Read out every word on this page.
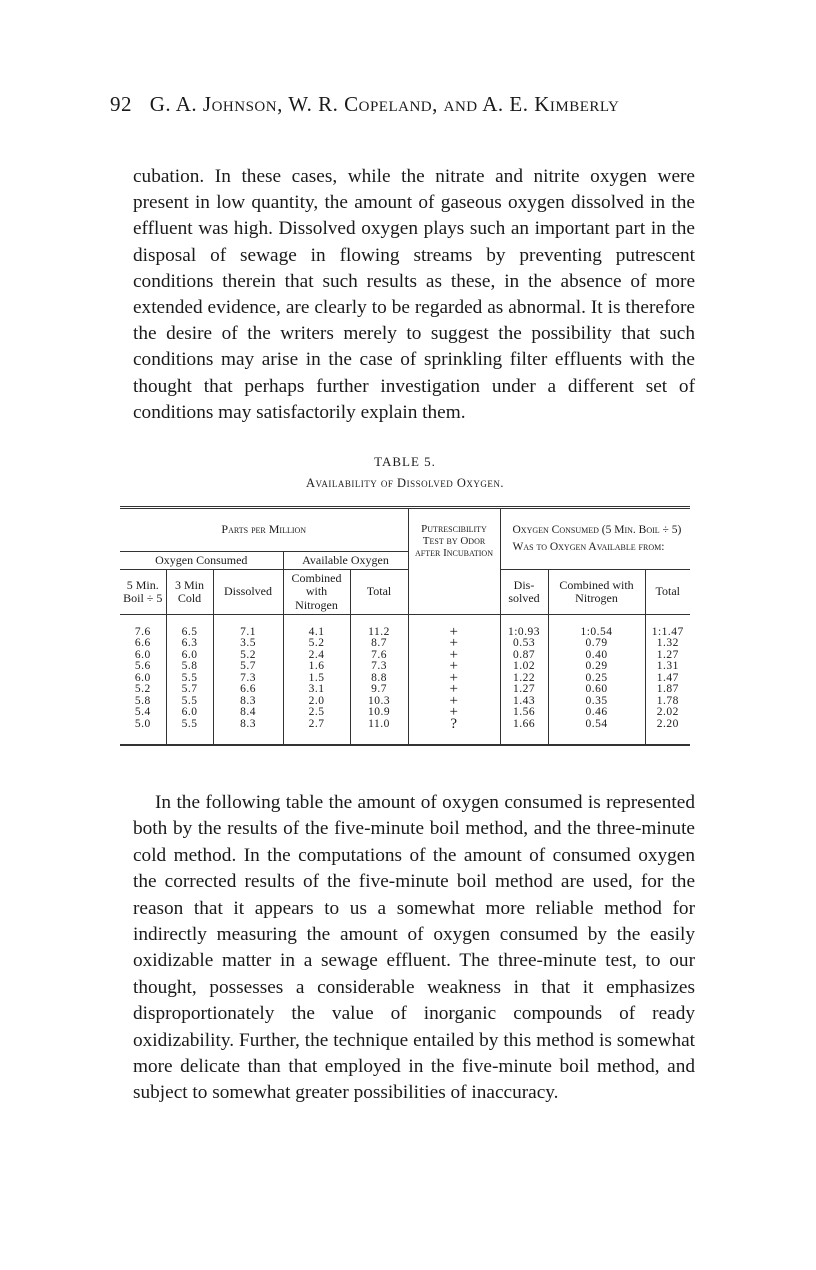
92 G. A. Johnson, W. R. Copeland, and A. E. Kimberly
cubation. In these cases, while the nitrate and nitrite oxygen were present in low quantity, the amount of gaseous oxygen dissolved in the effluent was high. Dissolved oxygen plays such an important part in the disposal of sewage in flowing streams by preventing putrescent conditions therein that such results as these, in the absence of more extended evidence, are clearly to be regarded as abnormal. It is therefore the desire of the writers merely to suggest the possibility that such conditions may arise in the case of sprinkling filter effluents with the thought that perhaps further investigation under a different set of conditions may satisfactorily explain them.
TABLE 5.
Availability of Dissolved Oxygen.
Parts per Million					Putrescibility Test by Odor after Incubation	Oxygen Consumed (5 Min. Boil ÷ 5) Was to Oxygen Available from:		
Oxygen Consumed			Available Oxygen					
5 Min. Boil ÷ 5	3 Min Cold	Dissolved	Combined with Nitrogen	Total		Dis-solved	Combined with Nitrogen	Total
7.6	6.5	7.1	4.1	11.2	+	1:0.93	1:0.54	1:1.47
6.6	6.3	3.5	5.2	8.7	+	0.53	0.79	1.32
6.0	6.0	5.2	2.4	7.6	+	0.87	0.40	1.27
5.6	5.8	5.7	1.6	7.3	+	1.02	0.29	1.31
6.0	5.5	7.3	1.5	8.8	+	1.22	0.25	1.47
5.2	5.7	6.6	3.1	9.7	+	1.27	0.60	1.87
5.8	5.5	8.3	2.0	10.3	+	1.43	0.35	1.78
5.4	6.0	8.4	2.5	10.9	+	1.56	0.46	2.02
5.0	5.5	8.3	2.7	11.0	?	1.66	0.54	2.20
In the following table the amount of oxygen consumed is represented both by the results of the five-minute boil method, and the three-minute cold method. In the computations of the amount of consumed oxygen the corrected results of the five-minute boil method are used, for the reason that it appears to us a somewhat more reliable method for indirectly measuring the amount of oxygen consumed by the easily oxidizable matter in a sewage effluent. The three-minute test, to our thought, possesses a considerable weakness in that it emphasizes disproportionately the value of inorganic compounds of ready oxidizability. Further, the technique entailed by this method is somewhat more delicate than that employed in the five-minute boil method, and subject to somewhat greater possibilities of inaccuracy.
